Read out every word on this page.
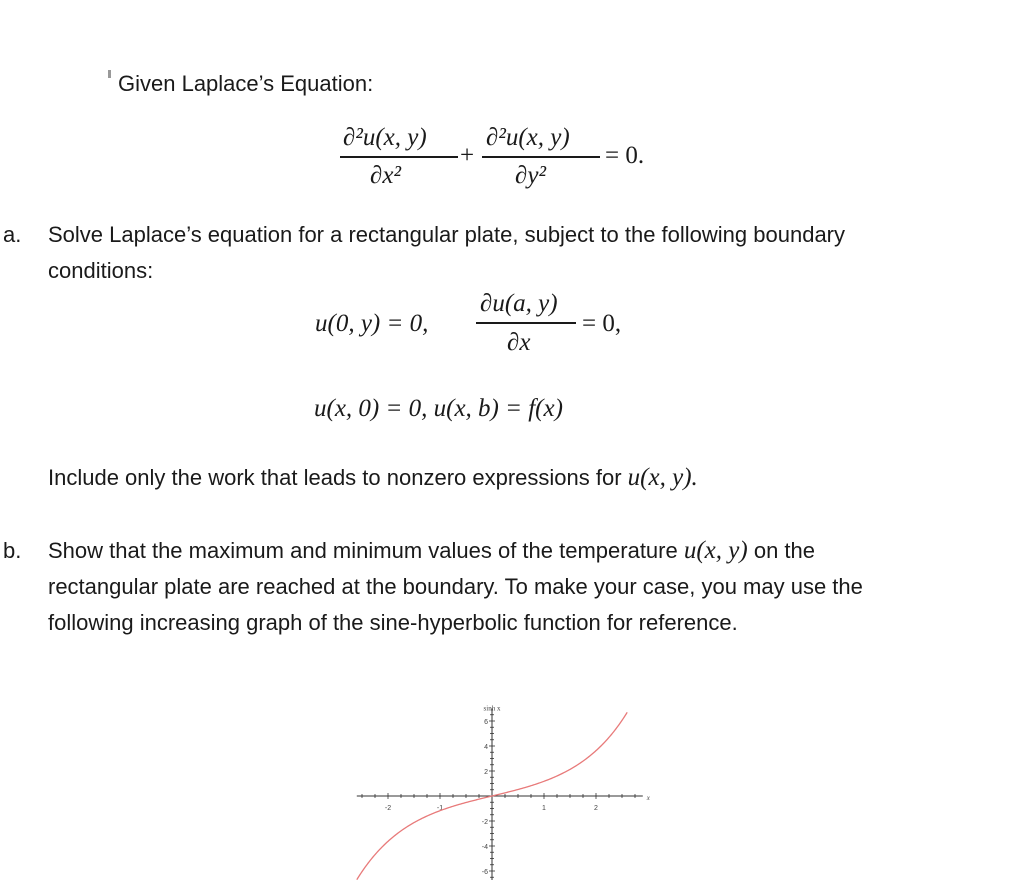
Given Laplace’s Equation:
∂²u(x, y)
∂x²
+
∂²u(x, y)
∂y²
= 0.
a. Solve Laplace’s equation for a rectangular plate, subject to the following boundary
conditions:
u(0, y) = 0,
∂u(a, y)
∂x
= 0,
u(x, 0) = 0, u(x, b) = f(x)
Include only the work that leads to nonzero expressions for u(x, y).
b. Show that the maximum and minimum values of the temperature u(x, y) on the
rectangular plate are reached at the boundary. To make your case, you may use the
following increasing graph of the sine-hyperbolic function for reference.
-2	-1	1	2
6
4
2
-2
-4
-6
x
sinh x
